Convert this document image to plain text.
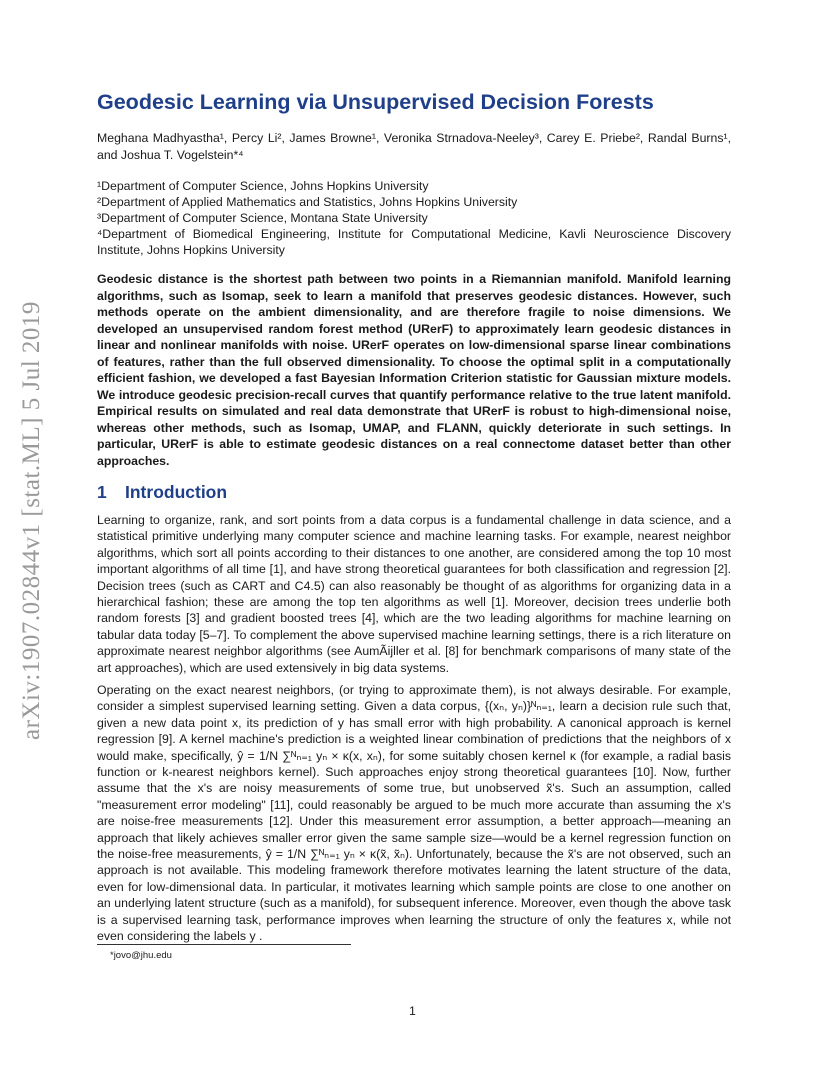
arXiv:1907.02844v1 [stat.ML] 5 Jul 2019
Geodesic Learning via Unsupervised Decision Forests
Meghana Madhyastha¹, Percy Li², James Browne¹, Veronika Strnadova-Neeley³, Carey E. Priebe², Randal Burns¹, and Joshua T. Vogelstein*⁴
¹Department of Computer Science, Johns Hopkins University
²Department of Applied Mathematics and Statistics, Johns Hopkins University
³Department of Computer Science, Montana State University
⁴Department of Biomedical Engineering, Institute for Computational Medicine, Kavli Neuroscience Discovery Institute, Johns Hopkins University
Geodesic distance is the shortest path between two points in a Riemannian manifold. Manifold learning algorithms, such as Isomap, seek to learn a manifold that preserves geodesic distances. However, such methods operate on the ambient dimensionality, and are therefore fragile to noise dimensions. We developed an unsupervised random forest method (URerF) to approximately learn geodesic distances in linear and nonlinear manifolds with noise. URerF operates on low-dimensional sparse linear combinations of features, rather than the full observed dimensionality. To choose the optimal split in a computationally efficient fashion, we developed a fast Bayesian Information Criterion statistic for Gaussian mixture models. We introduce geodesic precision-recall curves that quantify performance relative to the true latent manifold. Empirical results on simulated and real data demonstrate that URerF is robust to high-dimensional noise, whereas other methods, such as Isomap, UMAP, and FLANN, quickly deteriorate in such settings. In particular, URerF is able to estimate geodesic distances on a real connectome dataset better than other approaches.
1 Introduction
Learning to organize, rank, and sort points from a data corpus is a fundamental challenge in data science, and a statistical primitive underlying many computer science and machine learning tasks. For example, nearest neighbor algorithms, which sort all points according to their distances to one another, are considered among the top 10 most important algorithms of all time [1], and have strong theoretical guarantees for both classification and regression [2]. Decision trees (such as CART and C4.5) can also reasonably be thought of as algorithms for organizing data in a hierarchical fashion; these are among the top ten algorithms as well [1]. Moreover, decision trees underlie both random forests [3] and gradient boosted trees [4], which are the two leading algorithms for machine learning on tabular data today [5–7]. To complement the above supervised machine learning settings, there is a rich literature on approximate nearest neighbor algorithms (see AumÃijller et al. [8] for benchmark comparisons of many state of the art approaches), which are used extensively in big data systems.
Operating on the exact nearest neighbors, (or trying to approximate them), is not always desirable. For example, consider a simplest supervised learning setting. Given a data corpus, {(xₙ, yₙ)}ᴺₙ₌₁, learn a decision rule such that, given a new data point x, its prediction of y has small error with high probability. A canonical approach is kernel regression [9]. A kernel machine's prediction is a weighted linear combination of predictions that the neighbors of x would make, specifically, ŷ = 1/N ∑ᴺₙ₌₁ yₙ × κ(x, xₙ), for some suitably chosen kernel κ (for example, a radial basis function or k-nearest neighbors kernel). Such approaches enjoy strong theoretical guarantees [10]. Now, further assume that the x's are noisy measurements of some true, but unobserved x̃'s. Such an assumption, called "measurement error modeling" [11], could reasonably be argued to be much more accurate than assuming the x's are noise-free measurements [12]. Under this measurement error assumption, a better approach—meaning an approach that likely achieves smaller error given the same sample size—would be a kernel regression function on the noise-free measurements, ŷ = 1/N ∑ᴺₙ₌₁ yₙ × κ(x̃, x̃ₙ). Unfortunately, because the x̃'s are not observed, such an approach is not available. This modeling framework therefore motivates learning the latent structure of the data, even for low-dimensional data. In particular, it motivates learning which sample points are close to one another on an underlying latent structure (such as a manifold), for subsequent inference. Moreover, even though the above task is a supervised learning task, performance improves when learning the structure of only the features x, while not even considering the labels y .
*jovo@jhu.edu
1
